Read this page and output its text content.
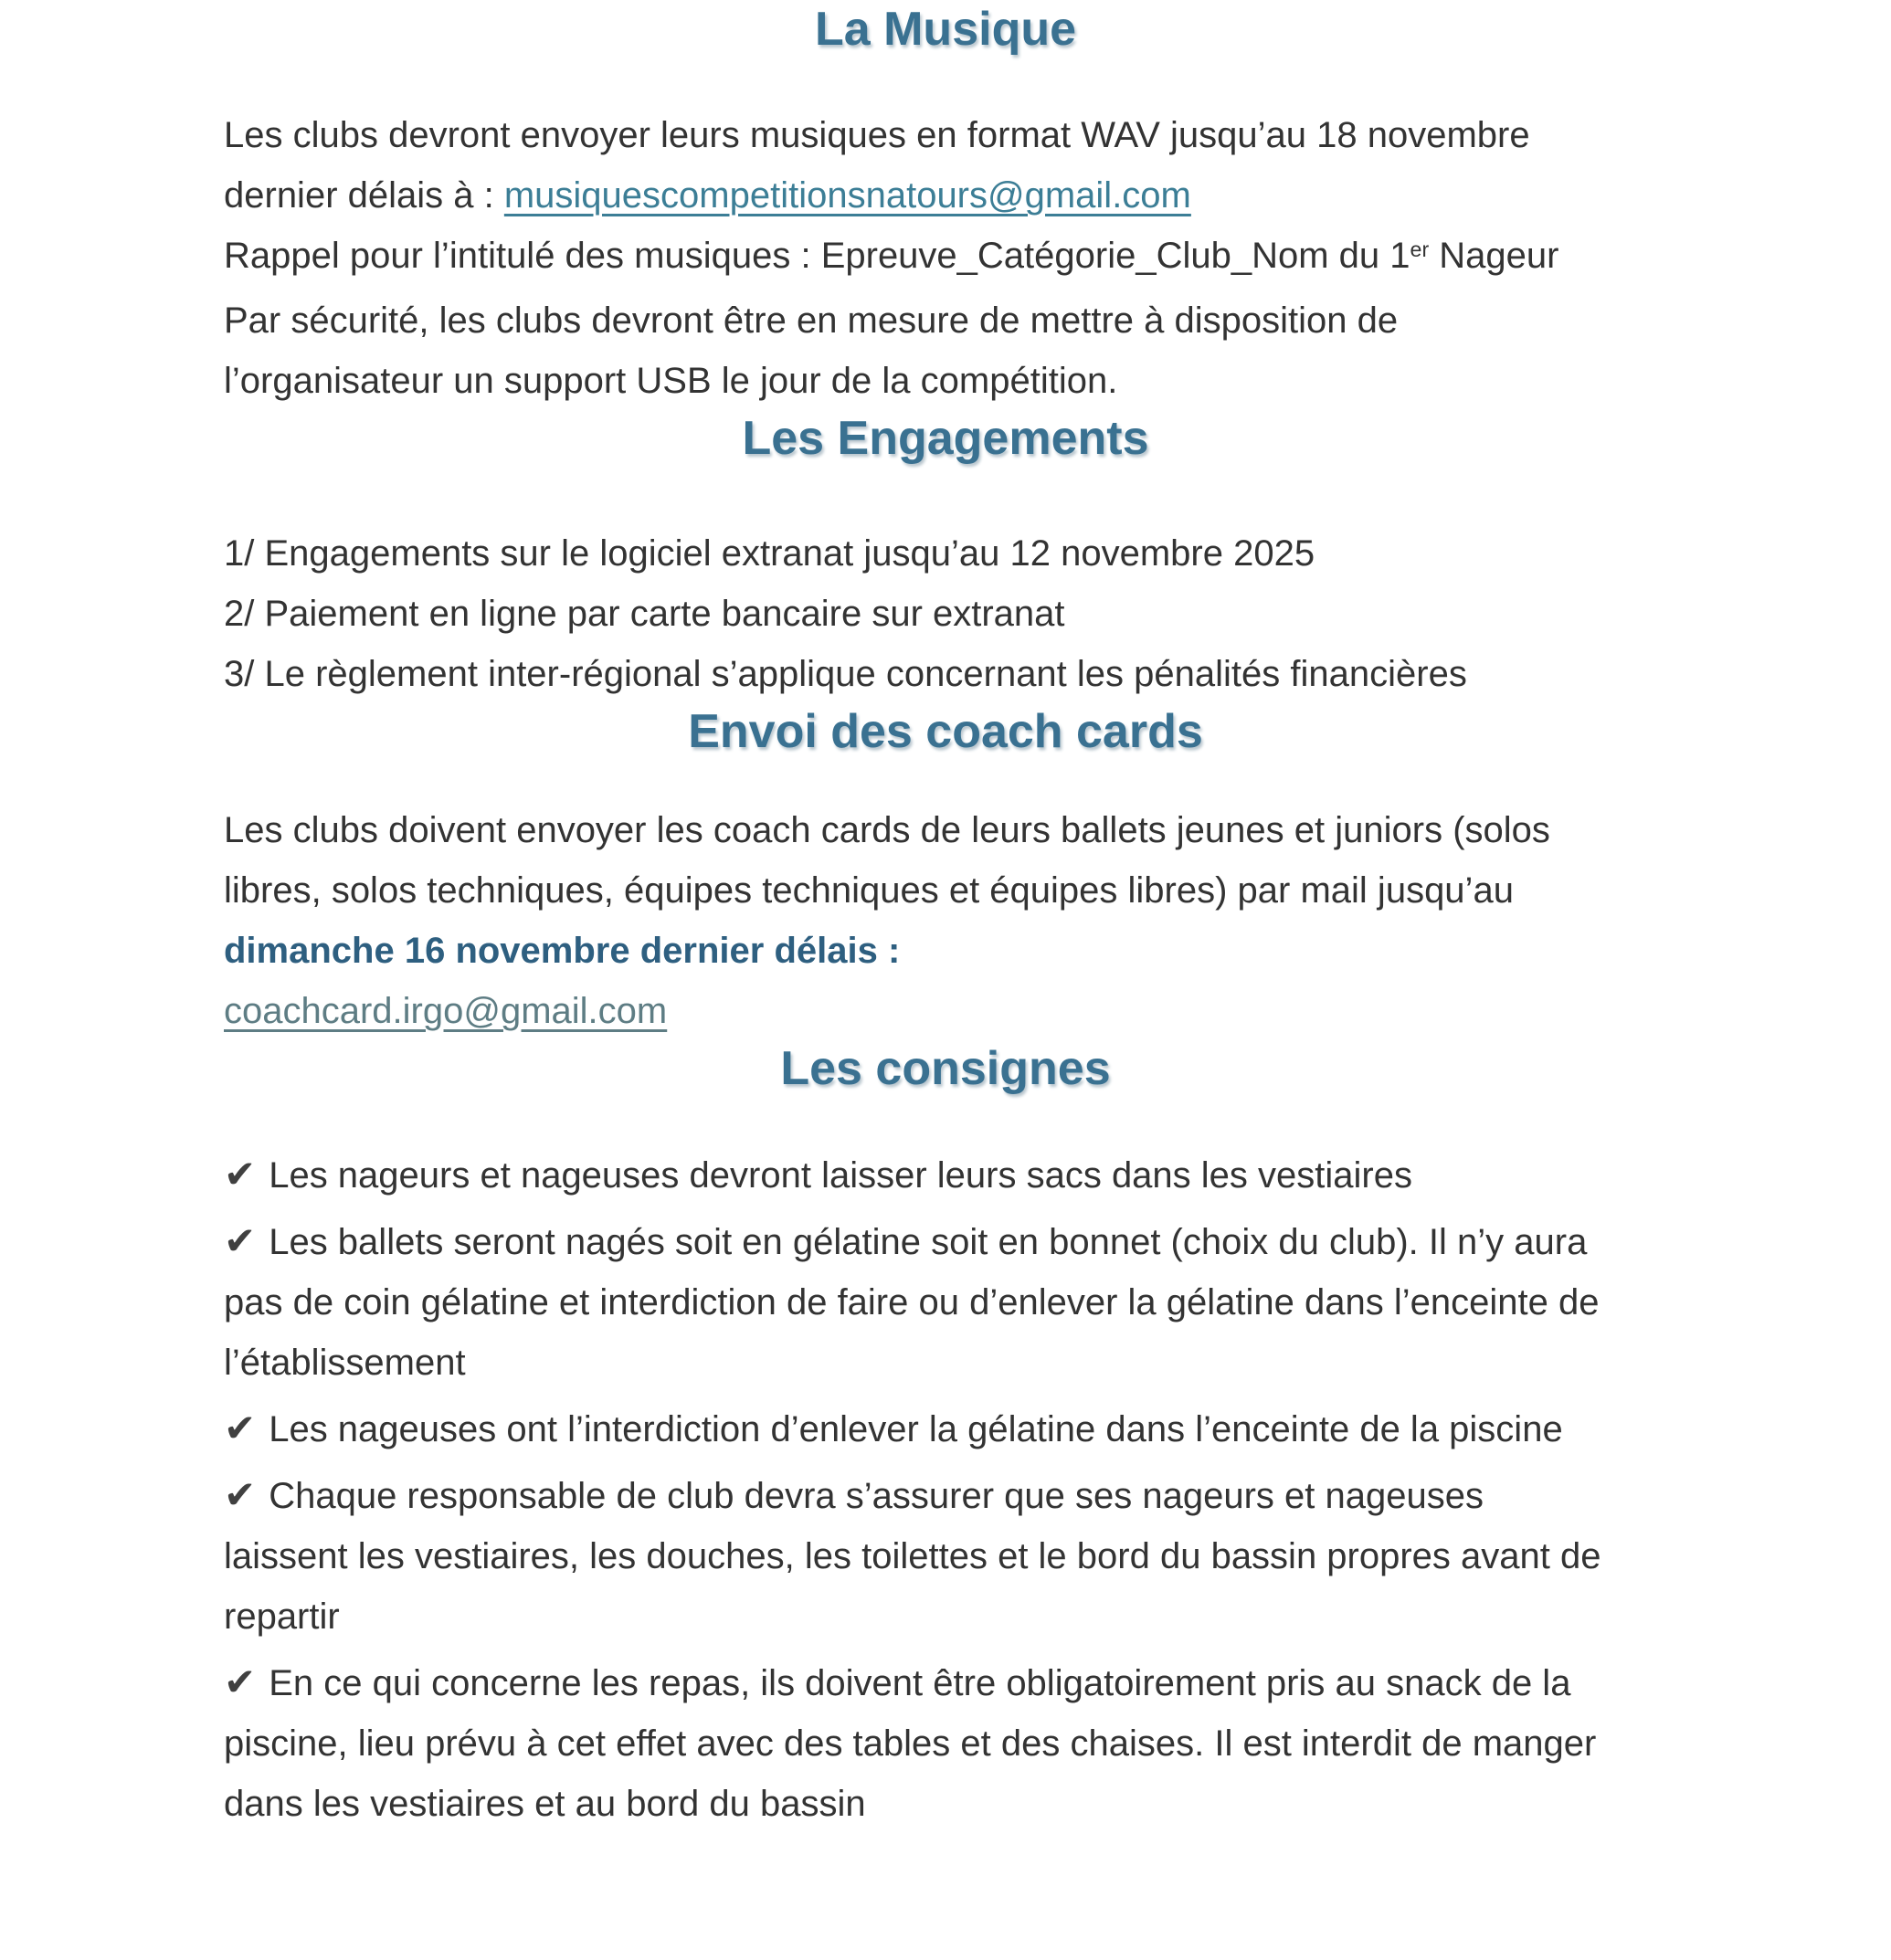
La Musique

Les clubs devront envoyer leurs musiques en format WAV jusqu’au 18 novembre
dernier délais à : musiquescompetitionsnatours@gmail.com
Rappel pour l’intitulé des musiques : Epreuve_Catégorie_Club_Nom du 1er Nageur
Par sécurité, les clubs devront être en mesure de mettre à disposition de
l’organisateur un support USB le jour de la compétition.

Les Engagements

1/ Engagements sur le logiciel extranat jusqu’au 12 novembre 2025
2/ Paiement en ligne par carte bancaire sur extranat
3/ Le règlement inter-régional s’applique concernant les pénalités financières

Envoi des coach cards

Les clubs doivent envoyer les coach cards de leurs ballets jeunes et juniors (solos
libres, solos techniques, équipes techniques et équipes libres) par mail jusqu’au
dimanche 16 novembre dernier délais :
coachcard.irgo@gmail.com

Les consignes

✔ Les nageurs et nageuses devront laisser leurs sacs dans les vestiaires

✔ Les ballets seront nagés soit en gélatine soit en bonnet (choix du club). Il n’y aura
pas de coin gélatine et interdiction de faire ou d’enlever la gélatine dans l’enceinte de
l’établissement

✔ Les nageuses ont l’interdiction d’enlever la gélatine dans l’enceinte de la piscine

✔ Chaque responsable de club devra s’assurer que ses nageurs et nageuses
laissent les vestiaires, les douches, les toilettes et le bord du bassin propres avant de
repartir

✔ En ce qui concerne les repas, ils doivent être obligatoirement pris au snack de la
piscine, lieu prévu à cet effet avec des tables et des chaises. Il est interdit de manger
dans les vestiaires et au bord du bassin
